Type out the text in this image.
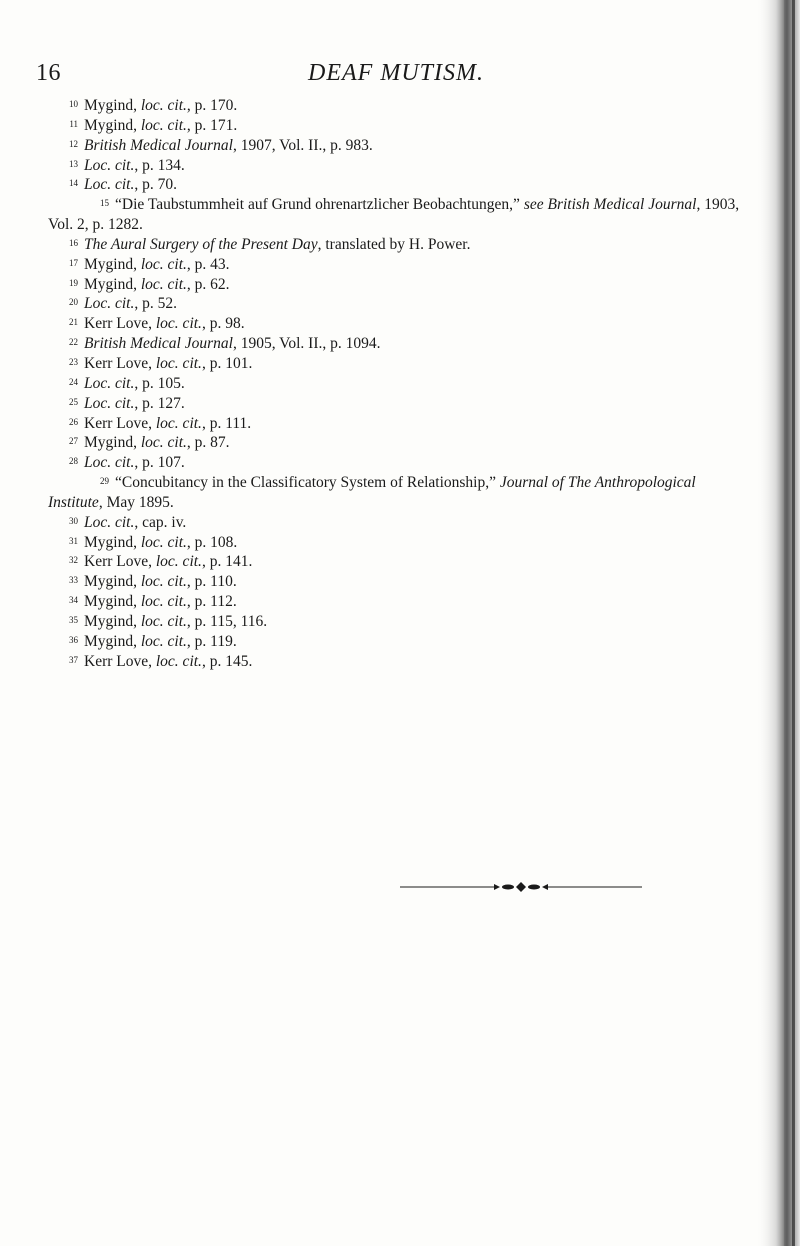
16	DEAF MUTISM.
10 Mygind, loc. cit., p. 170.
11 Mygind, loc. cit., p. 171.
12 British Medical Journal, 1907, Vol. II., p. 983.
13 Loc. cit., p. 134.
14 Loc. cit., p. 70.
15 “Die Taubstummheit auf Grund ohrenartzlicher Beobachtungen,” see British Medical Journal, 1903, Vol. 2, p. 1282.
16 The Aural Surgery of the Present Day, translated by H. Power.
17 Mygind, loc. cit., p. 43.
19 Mygind, loc. cit., p. 62.
20 Loc. cit., p. 52.
21 Kerr Love, loc. cit., p. 98.
22 British Medical Journal, 1905, Vol. II., p. 1094.
23 Kerr Love, loc. cit., p. 101.
24 Loc. cit., p. 105.
25 Loc. cit., p. 127.
26 Kerr Love, loc. cit., p. 111.
27 Mygind, loc. cit., p. 87.
28 Loc. cit., p. 107.
29 “Concubitancy in the Classificatory System of Relationship,” Journal of The Anthropological Institute, May 1895.
30 Loc. cit., cap. iv.
31 Mygind, loc. cit., p. 108.
32 Kerr Love, loc. cit., p. 141.
33 Mygind, loc. cit., p. 110.
34 Mygind, loc. cit., p. 112.
35 Mygind, loc. cit., p. 115, 116.
36 Mygind, loc. cit., p. 119.
37 Kerr Love, loc. cit., p. 145.
